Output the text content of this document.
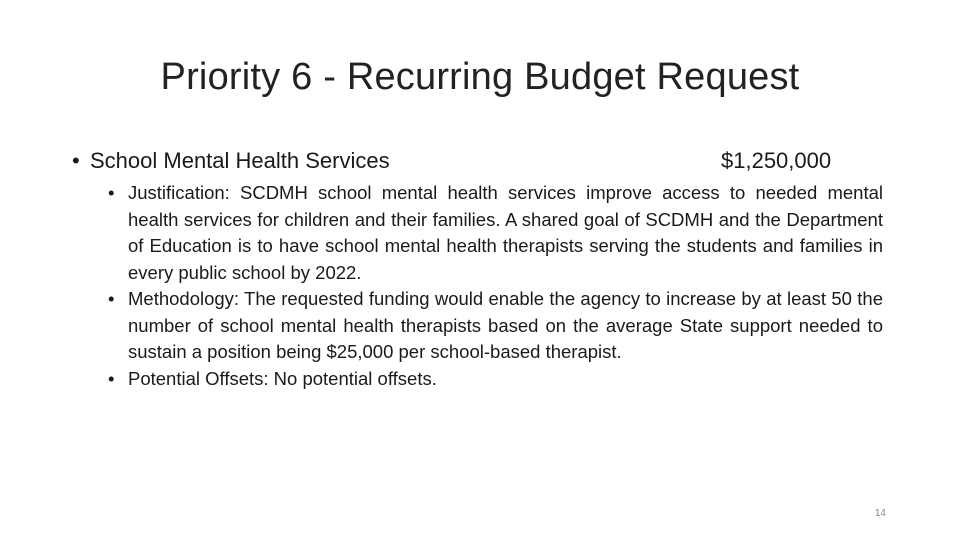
Priority 6 - Recurring Budget Request
• School Mental Health Services	$1,250,000
• Justification: SCDMH school mental health services improve access to needed mental health services for children and their families. A shared goal of SCDMH and the Department of Education is to have school mental health therapists serving the students and families in every public school by 2022.
• Methodology: The requested funding would enable the agency to increase by at least 50 the number of school mental health therapists based on the average State support needed to sustain a position being $25,000 per school-based therapist.
• Potential Offsets: No potential offsets.
14
